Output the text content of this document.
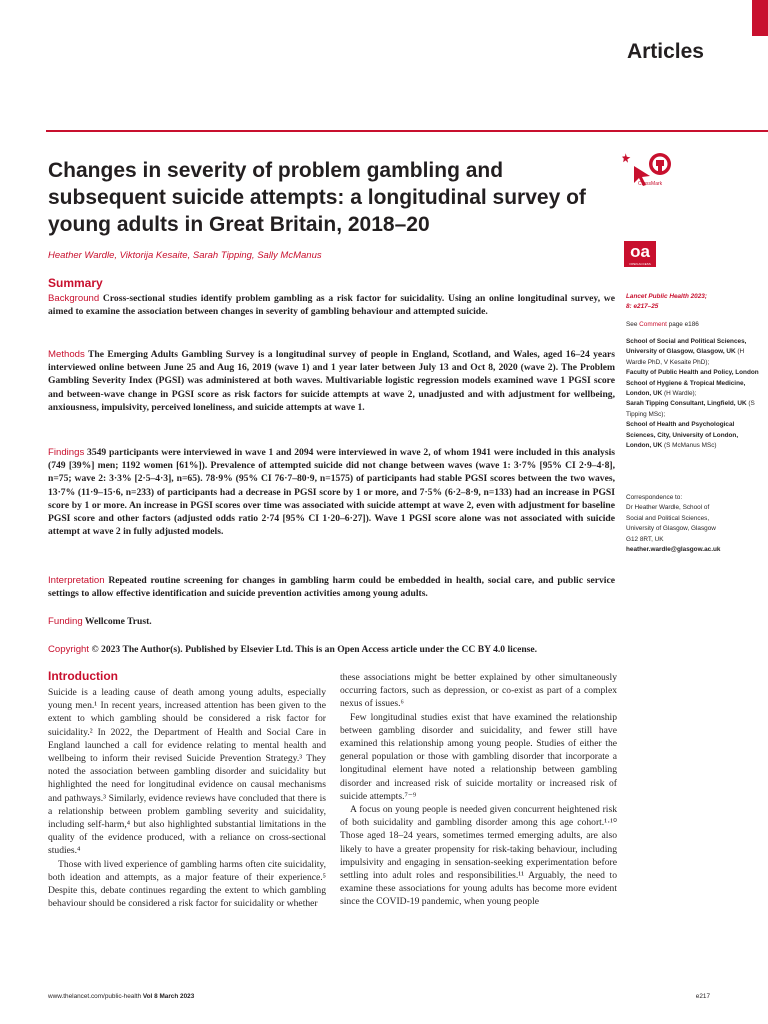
Articles
Changes in severity of problem gambling and subsequent suicide attempts: a longitudinal survey of young adults in Great Britain, 2018–20
CrossMark
Heather Wardle, Viktorija Kesaite, Sarah Tipping, Sally McManus	oa
OPEN ACCESS
Summary

Background Cross-sectional studies identify problem gambling as a risk factor for suicidality. Using an online longitudinal survey, we aimed to examine the association between changes in severity of gambling behaviour and attempted suicide.

Methods The Emerging Adults Gambling Survey is a longitudinal survey of people in England, Scotland, and Wales, aged 16–24 years interviewed online between June 25 and Aug 16, 2019 (wave 1) and 1 year later between July 13 and Oct 8, 2020 (wave 2). The Problem Gambling Severity Index (PGSI) was administered at both waves. Multivariable logistic regression models examined wave 1 PGSI score and between-wave change in PGSI score as risk factors for suicide attempts at wave 2, unadjusted and with adjustment for wellbeing, anxiousness, impulsivity, perceived loneliness, and suicide attempts at wave 1.

Findings 3549 participants were interviewed in wave 1 and 2094 were interviewed in wave 2, of whom 1941 were included in this analysis (749 [39%] men; 1192 women [61%]). Prevalence of attempted suicide did not change between waves (wave 1: 3·7% [95% CI 2·9–4·8], n=75; wave 2: 3·3% [2·5–4·3], n=65). 78·9% (95% CI 76·7–80·9, n=1575) of participants had stable PGSI scores between the two waves, 13·7% (11·9–15·6, n=233) of participants had a decrease in PGSI score by 1 or more, and 7·5% (6·2–8·9, n=133) had an increase in PGSI score by 1 or more. An increase in PGSI scores over time was associated with suicide attempt at wave 2, even with adjustment for baseline PGSI score and other factors (adjusted odds ratio 2·74 [95% CI 1·20–6·27]). Wave 1 PGSI score alone was not associated with suicide attempt at wave 2 in fully adjusted models.

Interpretation Repeated routine screening for changes in gambling harm could be embedded in health, social care, and public service settings to allow effective identification and suicide prevention activities among young adults.

Funding Wellcome Trust.

Copyright © 2023 The Author(s). Published by Elsevier Ltd. This is an Open Access article under the CC BY 4.0 license.

Lancet Public Health 2023;
8: e217–25
See Comment page e186
School of Social and Political Sciences, University of Glasgow, Glasgow, UK (H Wardle PhD, V Kesaite PhD);
Faculty of Public Health and Policy, London School of Hygiene & Tropical Medicine, London, UK (H Wardle);
Sarah Tipping Consultant, Lingfield, UK (S Tipping MSc);
School of Health and Psychological Sciences, City, University of London, London, UK (S McManus MSc)
Correspondence to:
Dr Heather Wardle, School of
Social and Political Sciences,
University of Glasgow, Glasgow
G12 8RT, UK
heather.wardle@glasgow.ac.uk
Introduction

Suicide is a leading cause of death among young adults, especially young men.¹ In recent years, increased attention has been given to the extent to which gambling should be considered a risk factor for suicidality.² In 2022, the Department of Health and Social Care in England launched a call for evidence relating to mental health and wellbeing to inform their revised Suicide Prevention Strategy.³ They noted the association between gambling disorder and suicidality but highlighted the need for longitudinal evidence on causal mechanisms and pathways.³ Similarly, evidence reviews have concluded that there is a relationship between problem gambling severity and suicidality, including self-harm,⁴ but also highlighted substantial limitations in the quality of the evidence produced, with a reliance on cross-sectional studies.⁴

Those with lived experience of gambling harms often cite suicidality, both ideation and attempts, as a major feature of their experience.⁵ Despite this, debate continues regarding the extent to which gambling behaviour should be considered a risk factor for suicidality or whether

these associations might be better explained by other simultaneously occurring factors, such as depression, or co-exist as part of a complex nexus of issues.⁶

Few longitudinal studies exist that have examined the relationship between gambling disorder and suicidality, and fewer still have examined this relationship among young people. Studies of either the general population or those with gambling disorder that incorporate a longitudinal element have noted a relationship between gambling disorder and increased risk of suicide mortality or increased risk of suicide attempts.⁷⁻⁹

A focus on young people is needed given concurrent heightened risk of both suicidality and gambling disorder among this age cohort.¹·¹⁰ Those aged 18–24 years, sometimes termed emerging adults, are also likely to have a greater propensity for risk-taking behaviour, including impulsivity and engaging in sensation-seeking experimentation before settling into adult roles and responsibilities.¹¹ Arguably, the need to examine these associations for young adults has become more evident since the COVID-19 pandemic, when young people

www.thelancet.com/public-health Vol 8 March 2023	e217
